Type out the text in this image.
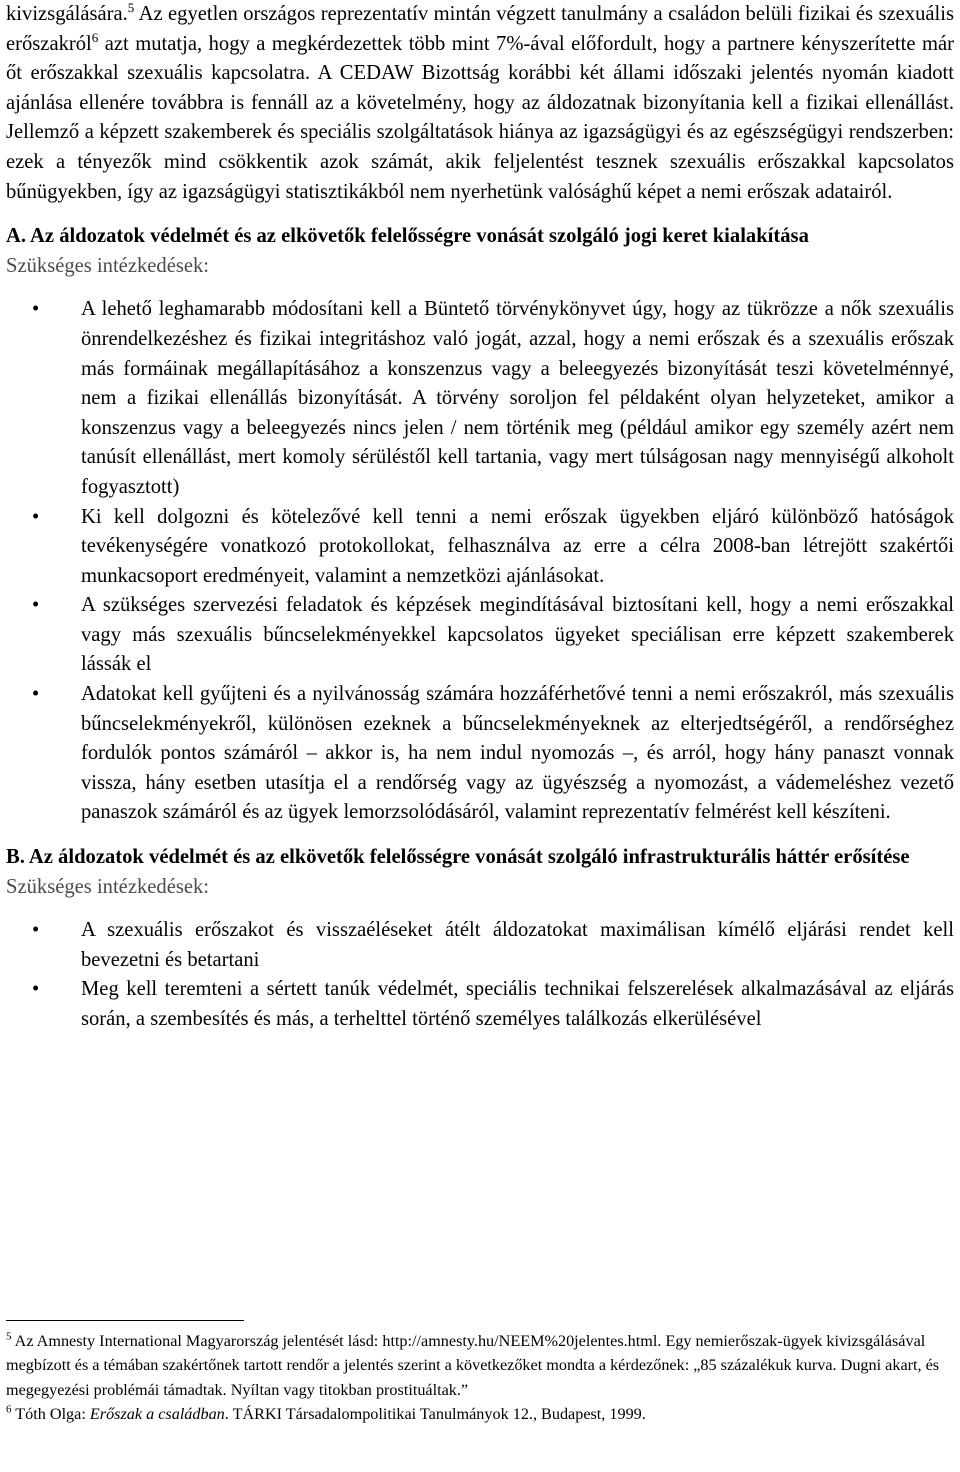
kivizsgálására.$^5$ Az egyetlen országos reprezentatív mintán végzett tanulmány a családon belüli fizikai és szexuális erőszakról$^6$ azt mutatja, hogy a megkérdezettek több mint 7%-ával előfordult, hogy a partnere kényszerítette már őt erőszakkal szexuális kapcsolatra. A CEDAW Bizottság korábbi két állami időszaki jelentés nyomán kiadott ajánlása ellenére továbbra is fennáll az a követelmény, hogy az áldozatnak bizonyítania kell a fizikai ellenállást. Jellemző a képzett szakemberek és speciális szolgáltatások hiánya az igazságügyi és az egészségügyi rendszerben: ezek a tényezők mind csökkentik azok számát, akik feljelentést tesznek szexuális erőszakkal kapcsolatos bűnügyekben, így az igazságügyi statisztikákból nem nyerhetünk valósághű képet a nemi erőszak adatairól.

A. Az áldozatok védelmét és az elkövetők felelősségre vonását szolgáló jogi keret kialakítása

Szükséges intézkedések:

• A lehető leghamarabb módosítani kell a Büntető törvénykönyvet úgy, hogy az tükrözze a nők szexuális önrendelkezéshez és fizikai integritáshoz való jogát, azzal, hogy a nemi erőszak és a szexuális erőszak más formáinak megállapításához a konszenzus vagy a beleegyezés bizonyítását teszi követelménnyé, nem a fizikai ellenállás bizonyítását. A törvény soroljon fel példaként olyan helyzeteket, amikor a konszenzus vagy a beleegyezés nincs jelen / nem történik meg (például amikor egy személy azért nem tanúsít ellenállást, mert komoly sérüléstől kell tartania, vagy mert túlságosan nagy mennyiségű alkoholt fogyasztott)
• Ki kell dolgozni és kötelezővé kell tenni a nemi erőszak ügyekben eljáró különböző hatóságok tevékenységére vonatkozó protokollokat, felhasználva az erre a célra 2008-ban létrejött szakértői munkacsoport eredményeit, valamint a nemzetközi ajánlásokat.
• A szükséges szervezési feladatok és képzések megindításával biztosítani kell, hogy a nemi erőszakkal vagy más szexuális bűncselekményekkel kapcsolatos ügyeket speciálisan erre képzett szakemberek lássák el
• Adatokat kell gyűjteni és a nyilvánosság számára hozzáférhetővé tenni a nemi erőszakról, más szexuális bűncselekményekről, különösen ezeknek a bűncselekményeknek az elterjedtségéről, a rendőrséghez fordulók pontos számáról – akkor is, ha nem indul nyomozás –, és arról, hogy hány panaszt vonnak vissza, hány esetben utasítja el a rendőrség vagy az ügyészség a nyomozást, a vádemeléshez vezető panaszok számáról és az ügyek lemorzsolódásáról, valamint reprezentatív felmérést kell készíteni.
B. Az áldozatok védelmét és az elkövetők felelősségre vonását szolgáló infrastrukturális háttér erősítése

Szükséges intézkedések:

• A szexuális erőszakot és visszaéléseket átélt áldozatokat maximálisan kímélő eljárási rendet kell bevezetni és betartani
• Meg kell teremteni a sértett tanúk védelmét, speciális technikai felszerelések alkalmazásával az eljárás során, a szembesítés és más, a terhelttel történő személyes találkozás elkerülésével

$^5$ Az Amnesty International Magyarország jelentését lásd: http://amnesty.hu/NEEM%20jelentes.html. Egy nemierőszak-ügyek kivizsgálásával megbízott és a témában szakértőnek tartott rendőr a jelentés szerint a következőket mondta a kérdezőnek: „85 százalékuk kurva. Dugni akart, és megegyezési problémái támadtak. Nyíltan vagy titokban prostituáltak.”

$^6$ Tóth Olga: Erőszak a családban. TÁRKI Társadalompolitikai Tanulmányok 12., Budapest, 1999.
